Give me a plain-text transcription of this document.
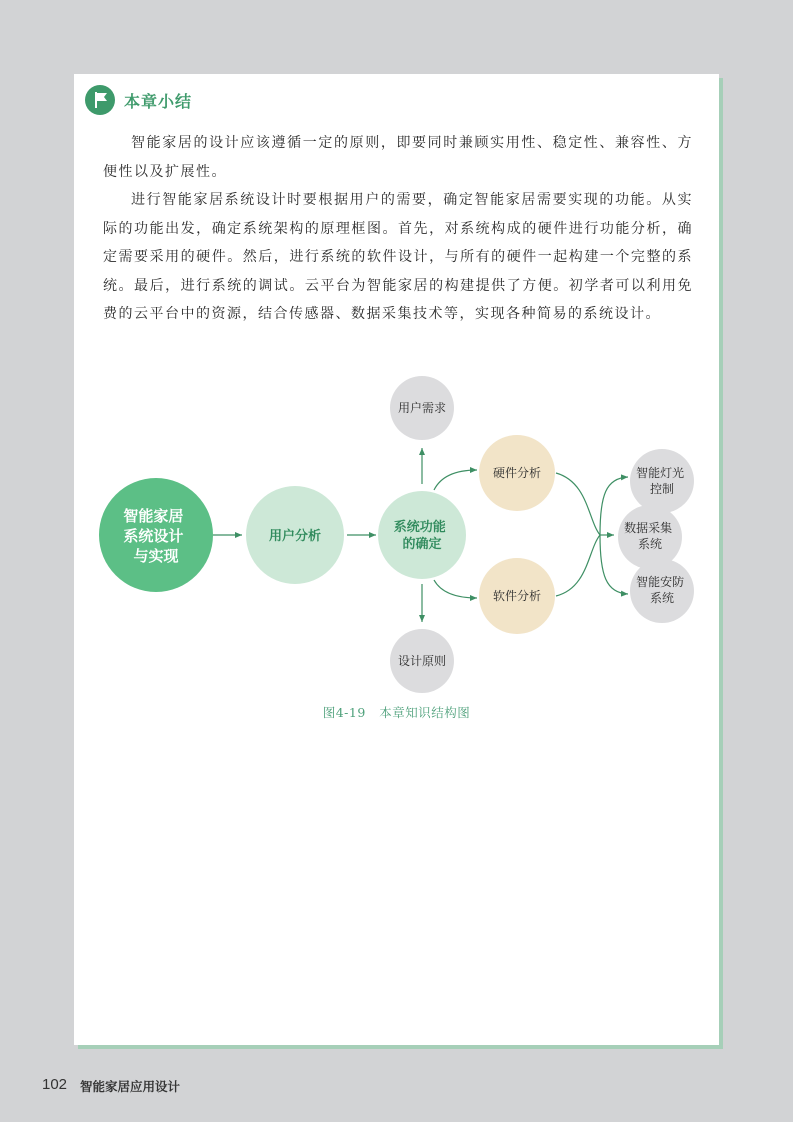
本章小结

智能家居的设计应该遵循一定的原则，即要同时兼顾实用性、稳定性、兼容性、方便性以及扩展性。

进行智能家居系统设计时要根据用户的需要，确定智能家居需要实现的功能。从实际的功能出发，确定系统架构的原理框图。首先，对系统构成的硬件进行功能分析，确定需要采用的硬件。然后，进行系统的软件设计，与所有的硬件一起构建一个完整的系统。最后，进行系统的调试。云平台为智能家居的构建提供了方便。初学者可以利用免费的云平台中的资源，结合传感器、数据采集技术等，实现各种简易的系统设计。

智能家居 系统设计 与实现
用户分析
系统功能 的确定
用户需求
设计原则
硬件分析
软件分析
智能灯光 控制
数据采集 系统
智能安防 系统
图4-19 本章知识结构图
102 智能家居应用设计
